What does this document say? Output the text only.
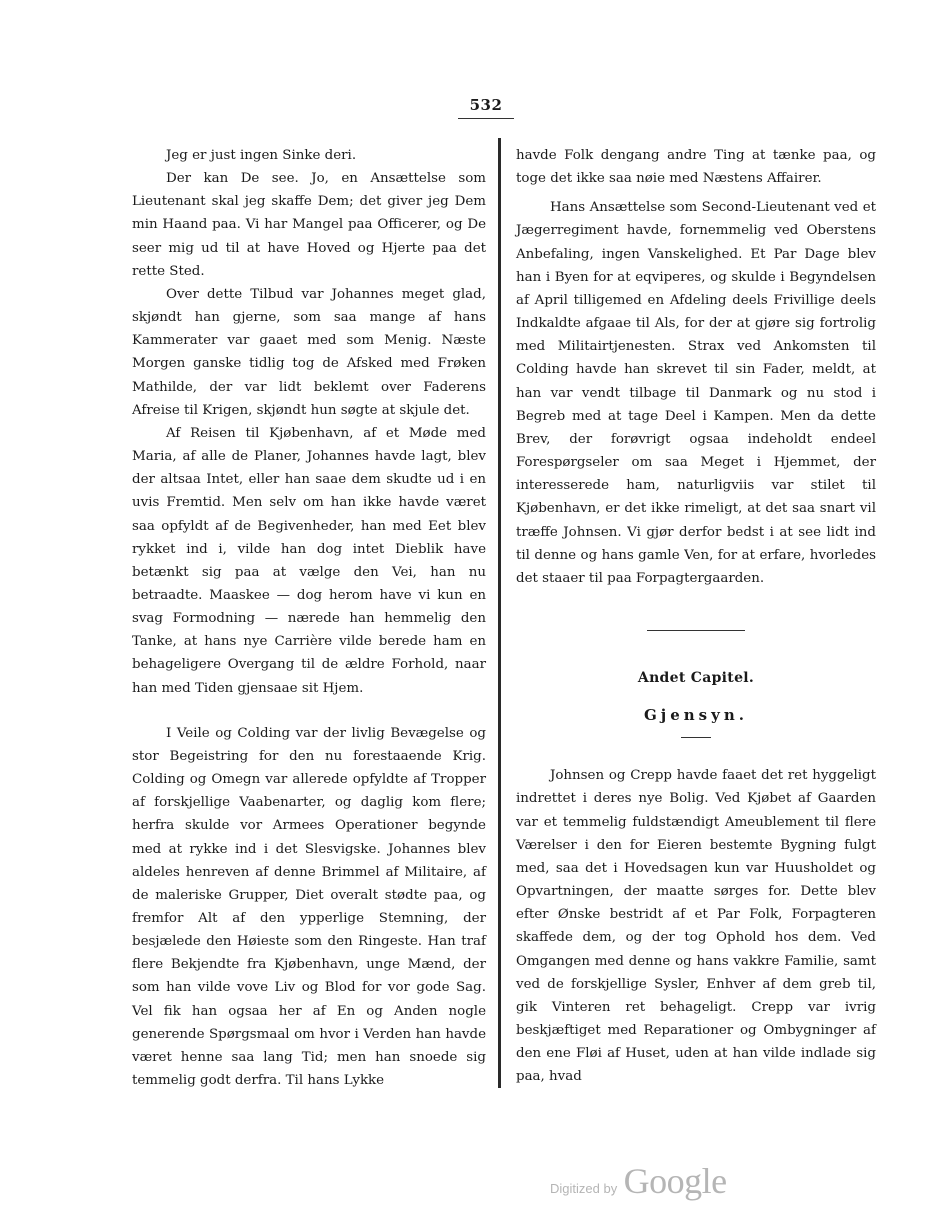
532

Jeg er just ingen Sinke deri.

Der kan De see. Jo, en Ansættelse som Lieutenant skal jeg skaffe Dem; det giver jeg Dem min Haand paa. Vi har Mangel paa Officerer, og De seer mig ud til at have Hoved og Hjerte paa det rette Sted.

Over dette Tilbud var Johannes meget glad, skjøndt han gjerne, som saa mange af hans Kammerater var gaaet med som Menig. Næste Morgen ganske tidlig tog de Afsked med Frøken Mathilde, der var lidt beklemt over Faderens Afreise til Krigen, skjøndt hun søgte at skjule det.

Af Reisen til Kjøbenhavn, af et Møde med Maria, af alle de Planer, Johannes havde lagt, blev der altsaa Intet, eller han saae dem skudte ud i en uvis Fremtid. Men selv om han ikke havde været saa opfyldt af de Begivenheder, han med Eet blev rykket ind i, vilde han dog intet Dieblik have betænkt sig paa at vælge den Vei, han nu betraadte. Maaskee — dog herom have vi kun en svag Formodning — nærede han hemmelig den Tanke, at hans nye Carrière vilde berede ham en behageligere Overgang til de ældre Forhold, naar han med Tiden gjensaae sit Hjem.

I Veile og Colding var der livlig Bevægelse og stor Begeistring for den nu forestaaende Krig. Colding og Omegn var allerede opfyldte af Tropper af forskjellige Vaabenarter, og daglig kom flere; herfra skulde vor Armees Operationer begynde med at rykke ind i det Slesvigske. Johannes blev aldeles henreven af denne Brimmel af Militaire, af de maleriske Grupper, Diet overalt stødte paa, og fremfor Alt af den ypperlige Stemning, der besjælede den Høieste som den Ringeste. Han traf flere Bekjendte fra Kjøbenhavn, unge Mænd, der som han vilde vove Liv og Blod for vor gode Sag. Vel fik han ogsaa her af En og Anden nogle generende Spørgsmaal om hvor i Verden han havde været henne saa lang Tid; men han snoede sig temmelig godt derfra. Til hans Lykke

havde Folk dengang andre Ting at tænke paa, og toge det ikke saa nøie med Næstens Affairer.

Hans Ansættelse som Second-Lieutenant ved et Jægerregiment havde, fornemmelig ved Oberstens Anbefaling, ingen Vanskelighed. Et Par Dage blev han i Byen for at eqviperes, og skulde i Begyndelsen af April tilligemed en Afdeling deels Frivillige deels Indkaldte afgaae til Als, for der at gjøre sig fortrolig med Militairtjenesten. Strax ved Ankomsten til Colding havde han skrevet til sin Fader, meldt, at han var vendt tilbage til Danmark og nu stod i Begreb med at tage Deel i Kampen. Men da dette Brev, der forøvrigt ogsaa indeholdt endeel Forespørgseler om saa Meget i Hjemmet, der interesserede ham, naturligviis var stilet til Kjøbenhavn, er det ikke rimeligt, at det saa snart vil træffe Johnsen. Vi gjør derfor bedst i at see lidt ind til denne og hans gamle Ven, for at erfare, hvorledes det staaer til paa Forpagtergaarden.

Andet Capitel.
Gjensyn.

Johnsen og Crepp havde faaet det ret hyggeligt indrettet i deres nye Bolig. Ved Kjøbet af Gaarden var et temmelig fuldstændigt Ameublement til flere Værelser i den for Eieren bestemte Bygning fulgt med, saa det i Hovedsagen kun var Huusholdet og Opvartningen, der maatte sørges for. Dette blev efter Ønske bestridt af et Par Folk, Forpagteren skaffede dem, og der tog Ophold hos dem. Ved Omgangen med denne og hans vakkre Familie, samt ved de forskjellige Sysler, Enhver af dem greb til, gik Vinteren ret behageligt. Crepp var ivrig beskjæftiget med Reparationer og Ombygninger af den ene Fløi af Huset, uden at han vilde indlade sig paa, hvad

Digitized by Google
